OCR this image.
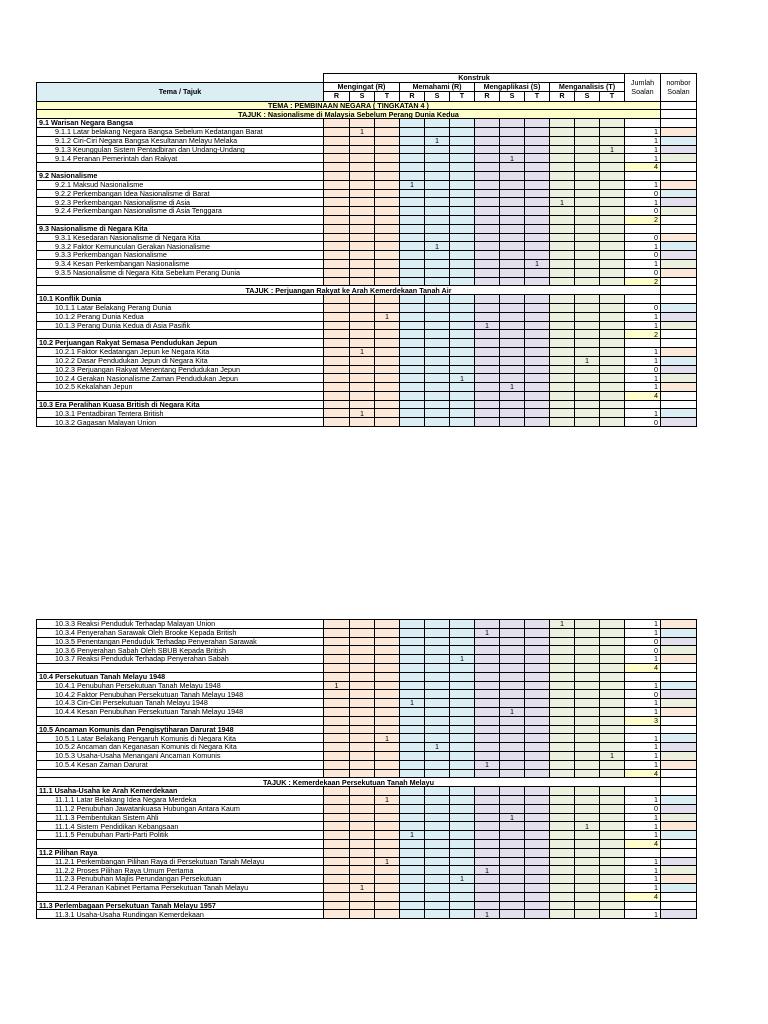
	Konstruk												Jumlah Soalan	nombor Soalan
Tema / Tajuk	Mengingat (R)			Memahami (R)			Mengaplikasi (S)			Menganalisis (T)				
	R	S	T	R	S	T	R	S	T	R	S	T		
TEMA : PEMBINAAN NEGARA ( TINGKATAN 4 )														
TAJUK : Nasionalisme di Malaysia Sebelum Perang Dunia Kedua														
9.1 Warisan Negara Bangsa														
9.1.1 Latar belakang Negara Bangsa Sebelum Kedatangan Barat		1											1	
9.1.2 Ciri-Ciri Negara Bangsa Kesultanan Melayu Melaka					1								1	
9.1.3 Keunggulan Sistem Pentadbiran dan Undang-Undang												1	1	
9.1.4 Peranan Pemerintah dan Rakyat								1					1	
													4	
9.2 Nasionalisme														
9.2.1 Maksud Nasionalisme				1									1	
9.2.2 Perkembangan Idea Nasionalisme di Barat													0	
9.2.3 Perkembangan Nasionalisme di Asia										1			1	
9.2.4 Perkembangan Nasionalisme di Asia Tenggara													0	
													2	
9.3 Nasionalisme di Negara Kita														
9.3.1 Kesedaran Nasionalisme di Negara Kita													0	
9.3.2 Faktor Kemunculan Gerakan Nasionalisme					1								1	
9.3.3 Perkembangan Nasionalisme													0	
9.3.4 Kesan Perkembangan Nasionalisme									1				1	
9.3.5 Nasionalisme di Negara Kita Sebelum Perang Dunia													0	
													2	
TAJUK : Perjuangan Rakyat ke Arah Kemerdekaan Tanah Air														
10.1 Konflik Dunia														
10.1.1 Latar Belakang Perang Dunia													0	
10.1.2 Perang Dunia Kedua			1										1	
10.1.3 Perang Dunia Kedua di Asia Pasifik							1						1	
													2	
10.2 Perjuangan Rakyat Semasa Pendudukan Jepun														
10.2.1 Faktor Kedatangan Jepun ke Negara Kita		1											1	
10.2.2 Dasar Pendudukan Jepun di Negara Kita											1		1	
10.2.3 Perjuangan Rakyat Menentang Pendudukan Jepun													0	
10.2.4 Gerakan Nasionalisme Zaman Pendudukan Jepun						1							1	
10.2.5 Kekalahan Jepun								1					1	
													4	
10.3 Era Peralihan Kuasa British di Negara Kita														
10.3.1 Pentadbiran Tentera British		1											1	
10.3.2 Gagasan Malayan Union													0	
10.3.3 Reaksi Penduduk Terhadap Malayan Union										1			1	
10.3.4 Penyerahan Sarawak Oleh Brooke Kepada British							1						1	
10.3.5 Penentangan Penduduk Terhadap Penyerahan Sarawak													0	
10.3.6 Penyerahan Sabah Oleh SBUB Kepada British													0	
10.3.7 Reaksi Penduduk Terhadap Penyerahan Sabah						1							1	
													4	
10.4 Persekutuan Tanah Melayu 1948														
10.4.1 Penubuhan Persekutuan Tanah Melayu 1948	1												1	
10.4.2 Faktor Penubuhan Persekutuan Tanah Melayu 1948													0	
10.4.3 Ciri-Ciri Persekutuan Tanah Melayu 1948				1									1	
10.4.4 Kesan Penubuhan Persekutuan Tanah Melayu 1948								1					1	
													3	
10.5 Ancaman Komunis dan Pengisytiharan Darurat 1948														
10.5.1 Latar Belakang Pengaruh Komunis di Negara Kita			1										1	
10.5.2 Ancaman dan Keganasan Komunis di Negara Kita					1								1	
10.5.3 Usaha-Usaha Menangani Ancaman Komunis												1	1	
10.5.4 Kesan Zaman Darurat							1						1	
													4	
TAJUK : Kemerdekaan Persekutuan Tanah Melayu														
11.1 Usaha-Usaha ke Arah Kemerdekaan														
11.1.1 Latar Belakang Idea Negara Merdeka			1										1	
11.1.2 Penubuhan Jawatankuasa Hubungan Antara Kaum													0	
11.1.3 Pembentukan Sistem Ahli								1					1	
11.1.4 Sistem Pendidikan Kebangsaan											1		1	
11.1.5 Penubuhan Parti-Parti Politik				1									1	
													4	
11.2 Pilihan Raya														
11.2.1 Perkembangan Pilihan Raya di Persekutuan Tanah Melayu			1										1	
11.2.2 Proses Pilihan Raya Umum Pertama							1						1	
11.2.3 Penubuhan Majlis Perundangan Persekutuan						1							1	
11.2.4 Peranan Kabinet Pertama Persekutuan Tanah Melayu		1											1	
													4	
11.3 Perlembagaan Persekutuan Tanah Melayu 1957														
11.3.1 Usaha-Usaha Rundingan Kemerdekaan							1						1	
